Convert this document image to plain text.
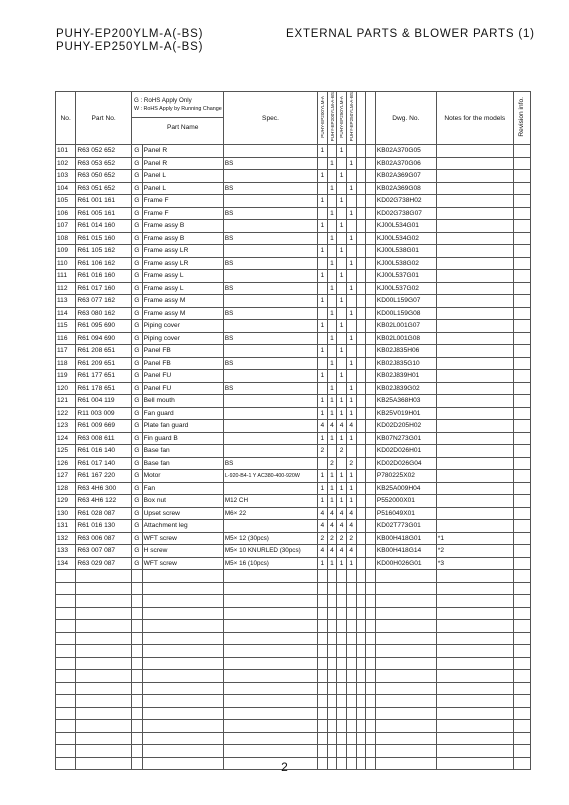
PUHY-EP200YLM-A(-BS)
PUHY-EP250YLM-A(-BS)
EXTERNAL PARTS & BLOWER PARTS (1)
No.	Part No.	G : RoHS Apply Only
W : RoHS Apply by Running Change
Part Name		Spec.	PUHY-EP200YLM-A	PUHY-EP200YLM-A-BS	PUHY-EP250YLM-A	PUHY-EP250YLM-A-BS			Dwg. No.	Notes for the models	Revision info.
101	R63 052 652	G	Panel R		1		1				KB02A370G05		
102	R63 053 652	G	Panel R	BS		1		1			KB02A370G06		
103	R63 050 652	G	Panel L		1		1				KB02A369G07		
104	R63 051 652	G	Panel L	BS		1		1			KB02A369G08		
105	R61 001 161	G	Frame F		1		1				KD02G738H02		
106	R61 005 161	G	Frame F	BS		1		1			KD02G738G07		
107	R61 014 160	G	Frame assy B		1		1				KJ00L534G01		
108	R61 015 160	G	Frame assy B	BS		1		1			KJ00L534G02		
109	R61 105 162	G	Frame assy LR		1		1				KJ00L538G01		
110	R61 106 162	G	Frame assy LR	BS		1		1			KJ00L538G02		
111	R61 016 160	G	Frame assy L		1		1				KJ00L537G01		
112	R61 017 160	G	Frame assy L	BS		1		1			KJ00L537G02		
113	R63 077 162	G	Frame assy M		1		1				KD00L159G07		
114	R63 080 162	G	Frame assy M	BS		1		1			KD00L159G08		
115	R61 095 690	G	Piping cover		1		1				KB02L001G07		
116	R61 094 690	G	Piping cover	BS		1		1			KB02L001G08		
117	R61 208 651	G	Panel FB		1		1				KB02J835H06		
118	R61 209 651	G	Panel FB	BS		1		1			KB02J835G10		
119	R61 177 651	G	Panel FU		1		1				KB02J839H01		
120	R61 178 651	G	Panel FU	BS		1		1			KB02J839G02		
121	R61 004 119	G	Bell mouth		1	1	1	1			KB25A368H03		
122	R11 003 009	G	Fan guard		1	1	1	1			KB25V019H01		
123	R61 009 669	G	Plate fan guard		4	4	4	4			KD02D205H02		
124	R63 008 611	G	Fin guard B		1	1	1	1			KB07N273G01		
125	R61 016 140	G	Base fan		2		2				KD02D026H01		
126	R61 017 140	G	Base fan	BS		2		2			KD02D026G04		
127	R61 167 220	G	Motor	L-920-B4-1 Y AC380-400-920W	1	1	1	1			P780225X02		
128	R63 4H6 300	G	Fan		1	1	1	1			KB25A009H04		
129	R63 4H6 122	G	Box nut	M12 CH	1	1	1	1			P552000X01		
130	R61 028 087	G	Upset screw	M6× 22	4	4	4	4			P516049X01		
131	R61 016 130	G	Attachment leg		4	4	4	4			KD02T773G01		
132	R63 006 087	G	WFT screw	M5× 12 (30pcs)	2	2	2	2			KB00H418G01	*1	
133	R63 007 087	G	H screw	M5× 10 KNURLED (30pcs)	4	4	4	4			KB00H418G14	*2	
134	R63 029 087	G	WFT screw	M5× 16 (10pcs)	1	1	1	1			KD00H026G01	*3	

2
